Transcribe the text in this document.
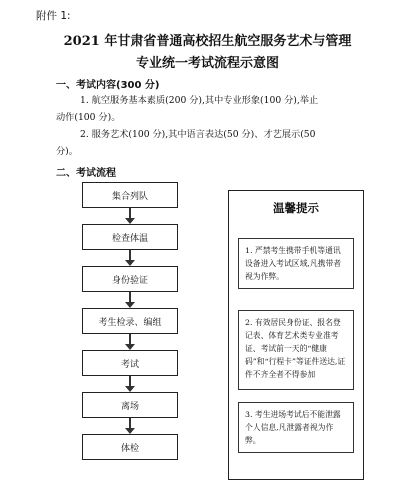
附件 1:
2021 年甘肃省普通高校招生航空服务艺术与管理
专业统一考试流程示意图
一、考试内容(300 分)
1. 航空服务基本素质(200 分),其中专业形象(100 分),举止
动作(100 分)。
2. 服务艺术(100 分),其中语言表达(50 分)、才艺展示(50
分)。
二、考试流程
集合列队
检查体温
身份验证
考生检录、编组
考试
离场
体检
温馨提示
1. 严禁考生携带手机等通讯设备进入考试区域,凡携带者视为作弊。
2. 有效居民身份证、报名登记表、体育艺术类专业准考证、考试前一天的“健康码”和“行程卡”等证件送达,证件不齐全者不得参加
3. 考生进场考试后不能泄露个人信息,凡泄露者视为作弊。
